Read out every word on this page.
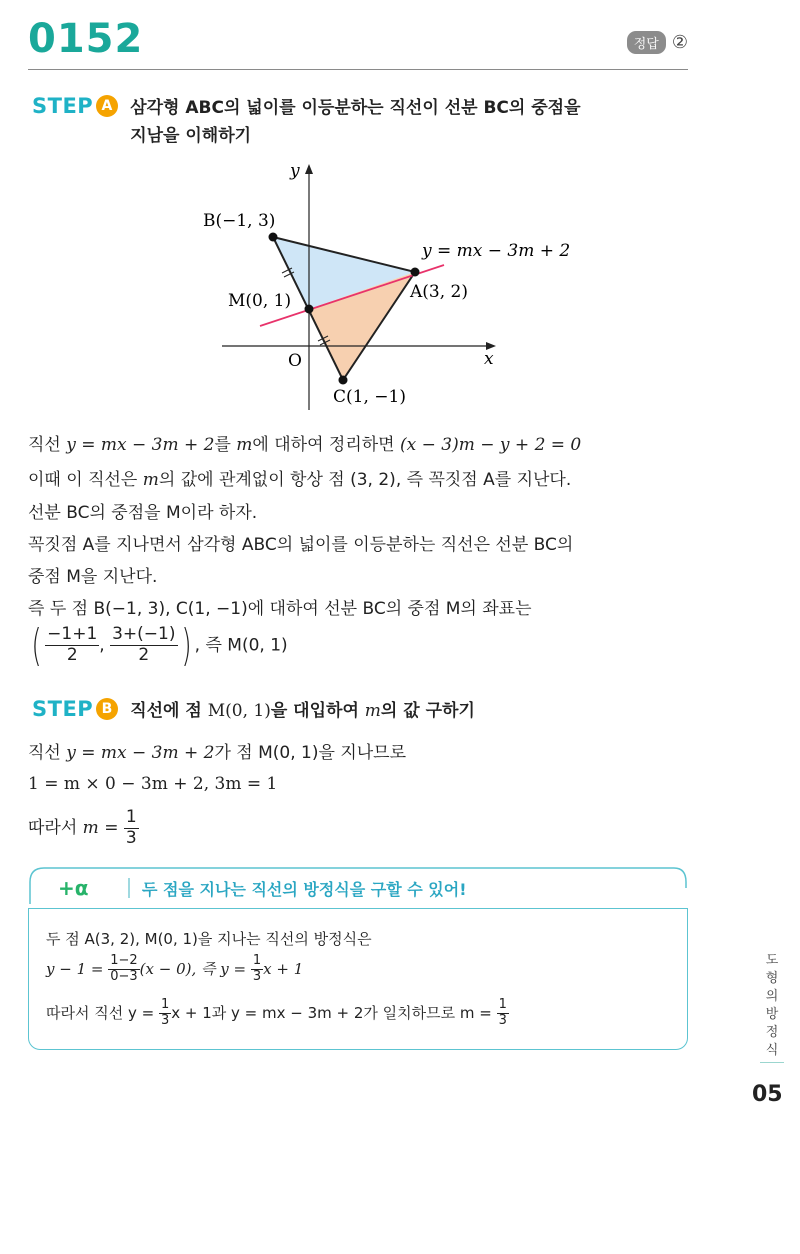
0152	정답 ②
STEP A	삼각형 ABC의 넓이를 이등분하는 직선이 선분 BC의 중점을
지남을 이해하기
y
x
O
B(−1, 3)
A(3, 2)
M(0, 1)
C(1, −1)
y = mx − 3m + 2
직선 y = mx − 3m + 2를 m에 대하여 정리하면 (x − 3)m − y + 2 = 0
이때 이 직선은 m의 값에 관계없이 항상 점 (3, 2), 즉 꼭짓점 A를 지난다.
선분 BC의 중점을 M이라 하자.
꼭짓점 A를 지나면서 삼각형 ABC의 넓이를 이등분하는 직선은 선분 BC의
중점 M을 지난다.
즉 두 점 B(−1, 3), C(1, −1)에 대하여 선분 BC의 중점 M의 좌표는
( $\frac{-1+1}{2}$ , $\frac{3+(-1)}{2}$ ) , 즉 M(0, 1)
STEP B	직선에 점 M(0, 1)을 대입하여 m의 값 구하기
직선 y = mx − 3m + 2가 점 M(0, 1)을 지나므로
1 = m × 0 − 3m + 2, 3m = 1
따라서 $m = \frac{1}{3}$
+α	두 점을 지나는 직선의 방정식을 구할 수 있어!
두 점 A(3, 2), M(0, 1)을 지나는 직선의 방정식은
$y - 1 = \frac{1-2}{0-3} (x - 0)$, 즉 $y = \frac{1}{3}$ x + 1
따라서 직선 $y = \frac{1}{3}$ x + 1과 y = mx − 3m + 2가 일치하므로 $m = \frac{1}{3}$
도형의 방정식
05
